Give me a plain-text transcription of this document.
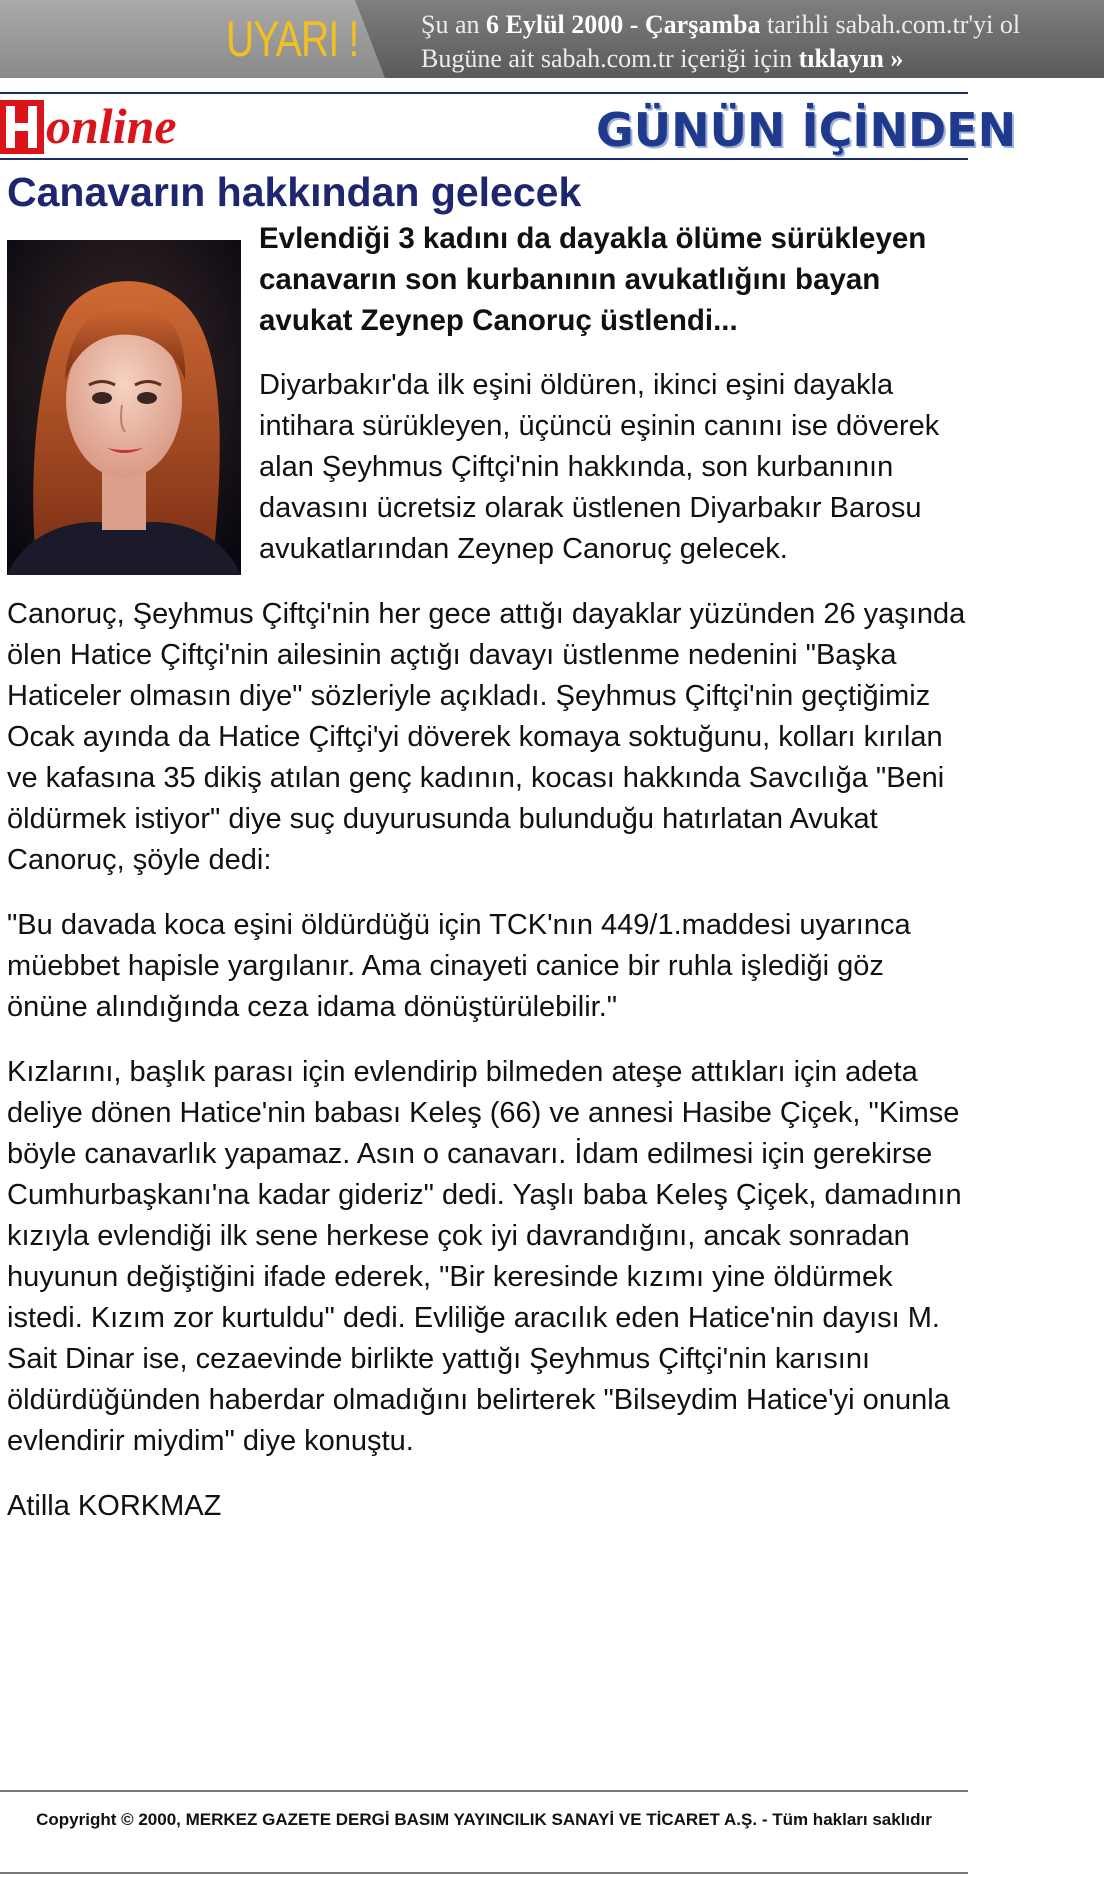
UYARI ! Şu an 6 Eylül 2000 - Çarşamba tarihli sabah.com.tr'yi ol
Bugüne ait sabah.com.tr içeriği için tıklayın »
online	GÜNÜN İÇİNDEN
Canavarın hakkından gelecek

Evlendiği 3 kadını da dayakla ölüme sürükleyen canavarın son kurbanının avukatlığını bayan avukat Zeynep Canoruç üstlendi...

Diyarbakır'da ilk eşini öldüren, ikinci eşini dayakla intihara sürükleyen, üçüncü eşinin canını ise döverek alan Şeyhmus Çiftçi'nin hakkında, son kurbanının davasını ücretsiz olarak üstlenen Diyarbakır Barosu avukatlarından Zeynep Canoruç gelecek.

Canoruç, Şeyhmus Çiftçi'nin her gece attığı dayaklar yüzünden 26 yaşında ölen Hatice Çiftçi'nin ailesinin açtığı davayı üstlenme nedenini "Başka Haticeler olmasın diye" sözleriyle açıkladı. Şeyhmus Çiftçi'nin geçtiğimiz Ocak ayında da Hatice Çiftçi'yi döverek komaya soktuğunu, kolları kırılan ve kafasına 35 dikiş atılan genç kadının, kocası hakkında Savcılığa "Beni öldürmek istiyor" diye suç duyurusunda bulunduğu hatırlatan Avukat Canoruç, şöyle dedi:

"Bu davada koca eşini öldürdüğü için TCK'nın 449/1.maddesi uyarınca müebbet hapisle yargılanır. Ama cinayeti canice bir ruhla işlediği göz önüne alındığında ceza idama dönüştürülebilir."

Kızlarını, başlık parası için evlendirip bilmeden ateşe attıkları için adeta deliye dönen Hatice'nin babası Keleş (66) ve annesi Hasibe Çiçek, "Kimse böyle canavarlık yapamaz. Asın o canavarı. İdam edilmesi için gerekirse Cumhurbaşkanı'na kadar gideriz" dedi. Yaşlı baba Keleş Çiçek, damadının kızıyla evlendiği ilk sene herkese çok iyi davrandığını, ancak sonradan huyunun değiştiğini ifade ederek, "Bir keresinde kızımı yine öldürmek istedi. Kızım zor kurtuldu" dedi. Evliliğe aracılık eden Hatice'nin dayısı M. Sait Dinar ise, cezaevinde birlikte yattığı Şeyhmus Çiftçi'nin karısını öldürdüğünden haberdar olmadığını belirterek "Bilseydim Hatice'yi onunla evlendirir miydim" diye konuştu.

Atilla KORKMAZ
Copyright © 2000, MERKEZ GAZETE DERGİ BASIM YAYINCILIK SANAYİ VE TİCARET A.Ş. - Tüm hakları saklıdır
